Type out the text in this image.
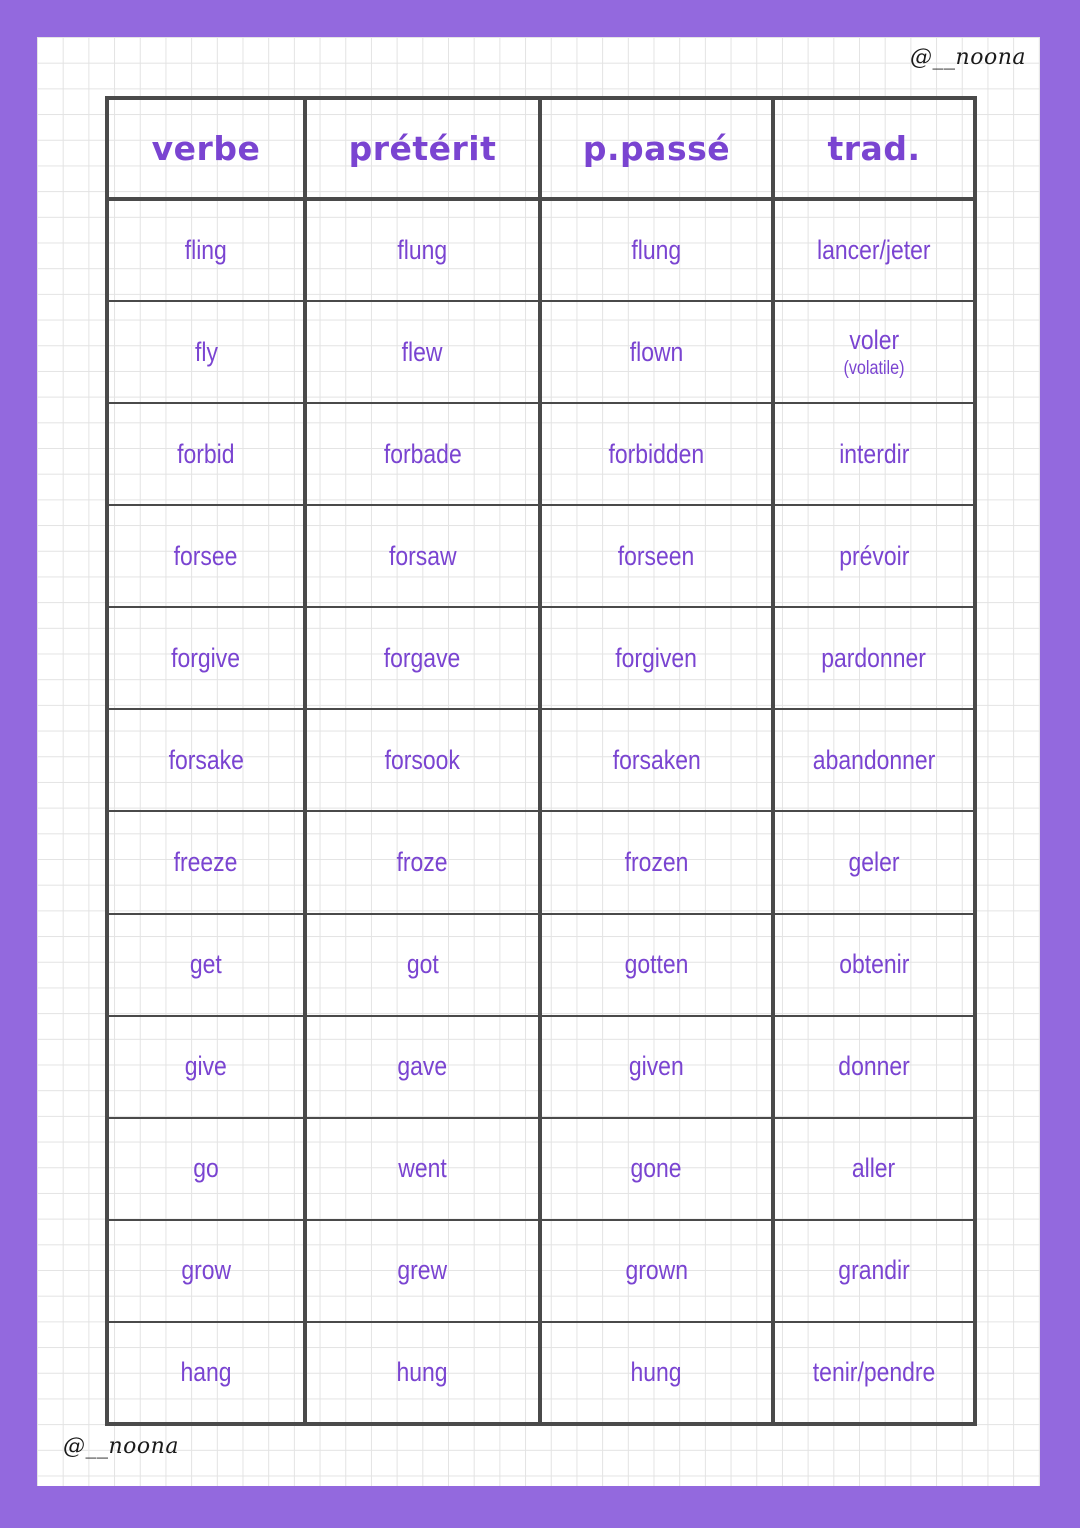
@__noona
verbe	prétérit	p.passé	trad.
fling	flung	flung	lancer/jeter
fly	flew	flown	voler
(volatile)

forbid	forbade	forbidden	interdir
forsee	forsaw	forseen	prévoir
forgive	forgave	forgiven	pardonner
forsake	forsook	forsaken	abandonner
freeze	froze	frozen	geler
get	got	gotten	obtenir
give	gave	given	donner
go	went	gone	aller
grow	grew	grown	grandir
hang	hung	hung	tenir/pendre
@__noona
